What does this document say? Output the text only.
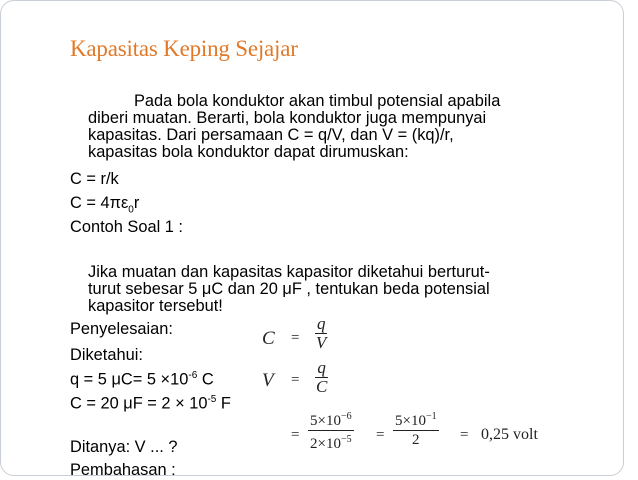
Kapasitas Keping Sejajar
Pada bola konduktor akan timbul potensial apabila
diberi muatan. Berarti, bola konduktor juga mempunyai
kapasitas. Dari persamaan C = q/V, dan V = (kq)/r,
kapasitas bola konduktor dapat dirumuskan:
C = r/k
$C = 4\pi\varepsilon_0r$
Contoh Soal 1 :
Jika muatan dan kapasitas kapasitor diketahui berturut-
turut sebesar 5 μC dan 20 μF , tentukan beda potensial
kapasitor tersebut!
Penyelesaian:
Diketahui:
q = 5 $\mu C= 5 \times 10^{-6}$ C
C = 20 $\mu F = 2 \times 10^{-5}$ F
Ditanya: V ... ?
Pembahasan :
$C = \frac{q}{V}$
$V = \frac{q}{C}$
= $\frac{5\times 10^{-6}}{2\times 10^{-5}} = \frac{5\times 10^{-1}}{2} = 0,25$ volt
